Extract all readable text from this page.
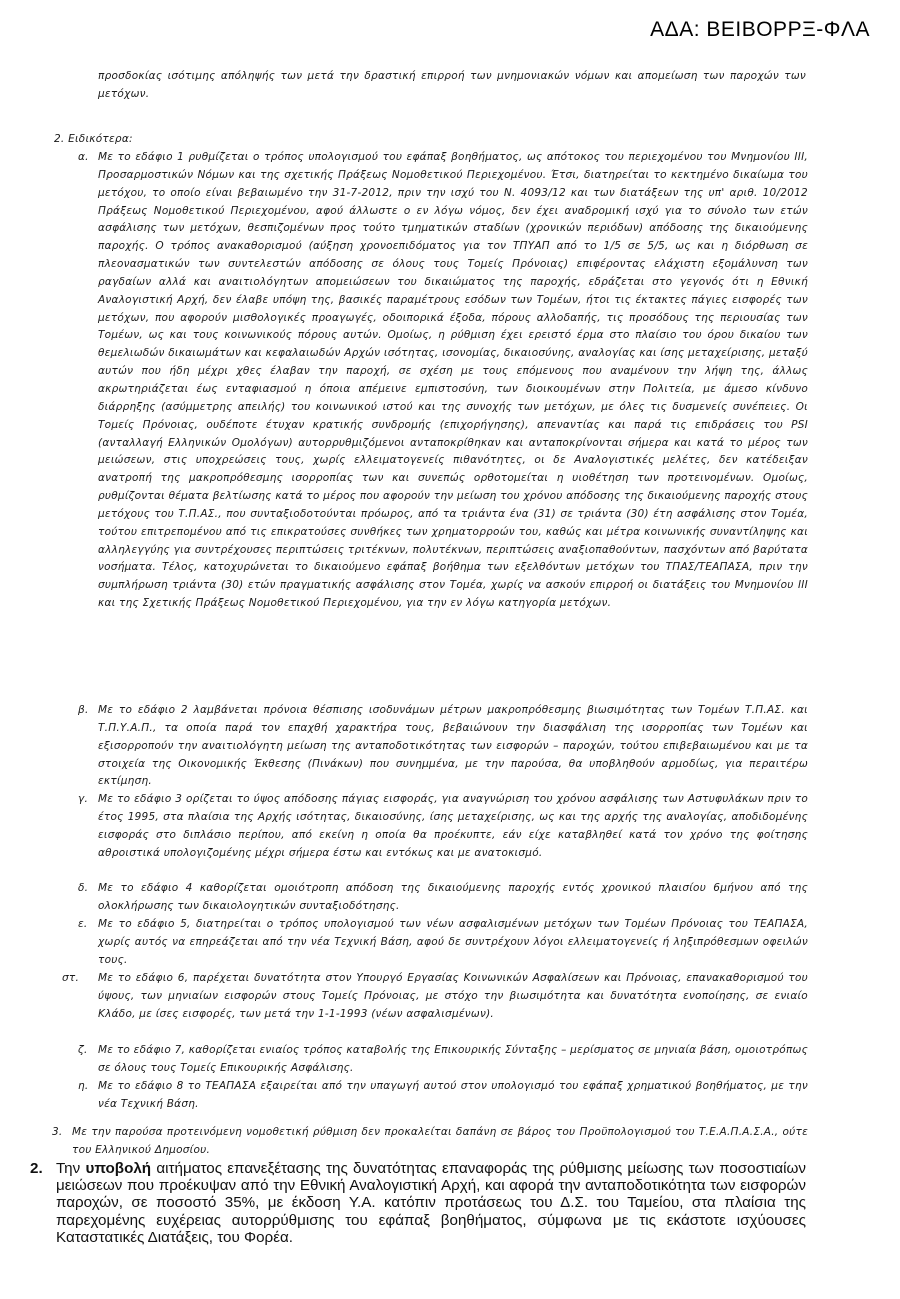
ΑΔΑ: ΒΕΙΒΟΡΡΞ-ΦΛΑ
προσδοκίας ισότιμης απόληψής των μετά την δραστική επιρροή των μνημονιακών νόμων και απομείωση των παροχών των μετόχων.
2. Ειδικότερα:
α. Με το εδάφιο 1 ρυθμίζεται ο τρόπος υπολογισμού του εφάπαξ βοηθήματος, ως απότοκος του περιεχομένου του Μνημονίου ΙΙΙ, Προσαρμοστικών Νόμων και της σχετικής Πράξεως Νομοθετικού Περιεχομένου. Έτσι, διατηρείται το κεκτημένο δικαίωμα του μετόχου, το οποίο είναι βεβαιωμένο την 31-7-2012, πριν την ισχύ του Ν. 4093/12 και των διατάξεων της υπ' αριθ. 10/2012 Πράξεως Νομοθετικού Περιεχομένου, αφού άλλωστε ο εν λόγω νόμος, δεν έχει αναδρομική ισχύ για το σύνολο των ετών ασφάλισης των μετόχων, θεσπιζομένων προς τούτο τμηματικών σταδίων (χρονικών περιόδων) απόδοσης της δικαιούμενης παροχής. Ο τρόπος ανακαθορισμού (αύξηση χρονοεπιδόματος για τον ΤΠΥΑΠ από το 1/5 σε 5/5, ως και η διόρθωση σε πλεονασματικών των συντελεστών απόδοσης σε όλους τους Τομείς Πρόνοιας) επιφέροντας ελάχιστη εξομάλυνση των ραγδαίων αλλά και αναιτιολόγητων απομειώσεων του δικαιώματος της παροχής, εδράζεται στο γεγονός ότι η Εθνική Αναλογιστική Αρχή, δεν έλαβε υπόψη της, βασικές παραμέτρους εσόδων των Τομέων, ήτοι τις έκτακτες πάγιες εισφορές των μετόχων, που αφορούν μισθολογικές προαγωγές, οδοιπορικά έξοδα, πόρους αλλοδαπής, τις προσόδους της περιουσίας των Τομέων, ως και τους κοινωνικούς πόρους αυτών. Ομοίως, η ρύθμιση έχει ερειστό έρμα στο πλαίσιο του όρου δικαίου των θεμελιωδών δικαιωμάτων και κεφαλαιωδών Αρχών ισότητας, ισονομίας, δικαιοσύνης, αναλογίας και ίσης μεταχείρισης, μεταξύ αυτών που ήδη μέχρι χθες έλαβαν την παροχή, σε σχέση με τους επόμενους που αναμένουν την λήψη της, άλλως ακρωτηριάζεται έως ενταφιασμού η όποια απέμεινε εμπιστοσύνη, των διοικουμένων στην Πολιτεία, με άμεσο κίνδυνο διάρρηξης (ασύμμετρης απειλής) του κοινωνικού ιστού και της συνοχής των μετόχων, με όλες τις δυσμενείς συνέπειες. Οι Τομείς Πρόνοιας, ουδέποτε έτυχαν κρατικής συνδρομής (επιχορήγησης), απεναντίας και παρά τις επιδράσεις του PSI (ανταλλαγή Ελληνικών Ομολόγων) αυτορρυθμιζόμενοι ανταποκρίθηκαν και ανταποκρίνονται σήμερα και κατά το μέρος των μειώσεων, στις υποχρεώσεις τους, χωρίς ελλειματογενείς πιθανότητες, οι δε Αναλογιστικές μελέτες, δεν κατέδειξαν ανατροπή της μακροπρόθεσμης ισορροπίας των και συνεπώς ορθοτομείται η υιοθέτηση των προτεινομένων. Ομοίως, ρυθμίζονται θέματα βελτίωσης κατά το μέρος που αφορούν την μείωση του χρόνου απόδοσης της δικαιούμενης παροχής στους μετόχους του Τ.Π.ΑΣ., που συνταξιοδοτούνται πρόωρος, από τα τριάντα ένα (31) σε τριάντα (30) έτη ασφάλισης στον Τομέα, τούτου επιτρεπομένου από τις επικρατούσες συνθήκες των χρηματορροών του, καθώς και μέτρα κοινωνικής συναντίληψης και αλληλεγγύης για συντρέχουσες περιπτώσεις τριτέκνων, πολυτέκνων, περιπτώσεις αναξιοπαθούντων, πασχόντων από βαρύτατα νοσήματα. Τέλος, κατοχυρώνεται το δικαιούμενο εφάπαξ βοήθημα των εξελθόντων μετόχων του ΤΠΑΣ/ΤΕΑΠΑΣΑ, πριν την συμπλήρωση τριάντα (30) ετών πραγματικής ασφάλισης στον Τομέα, χωρίς να ασκούν επιρροή οι διατάξεις του Μνημονίου ΙΙΙ και της Σχετικής Πράξεως Νομοθετικού Περιεχομένου, για την εν λόγω κατηγορία μετόχων.
β. Με το εδάφιο 2 λαμβάνεται πρόνοια θέσπισης ισοδυνάμων μέτρων μακροπρόθεσμης βιωσιμότητας των Τομέων Τ.Π.ΑΣ. και Τ.Π.Υ.Α.Π., τα οποία παρά τον επαχθή χαρακτήρα τους, βεβαιώνουν την διασφάλιση της ισορροπίας των Τομέων και εξισορροπούν την αναιτιολόγητη μείωση της ανταποδοτικότητας των εισφορών – παροχών, τούτου επιβεβαιωμένου και με τα στοιχεία της Οικονομικής Έκθεσης (Πινάκων) που συνημμένα, με την παρούσα, θα υποβληθούν αρμοδίως, για περαιτέρω εκτίμηση.
γ. Με το εδάφιο 3 ορίζεται το ύψος απόδοσης πάγιας εισφοράς, για αναγνώριση του χρόνου ασφάλισης των Αστυφυλάκων πριν το έτος 1995, στα πλαίσια της Αρχής ισότητας, δικαιοσύνης, ίσης μεταχείρισης, ως και της αρχής της αναλογίας, αποδιδομένης εισφοράς στο διπλάσιο περίπου, από εκείνη η οποία θα προέκυπτε, εάν είχε καταβληθεί κατά τον χρόνο της φοίτησης αθροιστικά υπολογιζομένης μέχρι σήμερα έστω και εντόκως και με ανατοκισμό.
δ. Με το εδάφιο 4 καθορίζεται ομοιότροπη απόδοση της δικαιούμενης παροχής εντός χρονικού πλαισίου 6μήνου από της ολοκλήρωσης των δικαιολογητικών συνταξιοδότησης.
ε. Με το εδάφιο 5, διατηρείται ο τρόπος υπολογισμού των νέων ασφαλισμένων μετόχων των Τομέων Πρόνοιας του ΤΕΑΠΑΣΑ, χωρίς αυτός να επηρεάζεται από την νέα Τεχνική Βάση, αφού δε συντρέχουν λόγοι ελλειματογενείς ή ληξιπρόθεσμων οφειλών τους.
στ.	Με το εδάφιο 6, παρέχεται δυνατότητα στον Υπουργό Εργασίας Κοινωνικών Ασφαλίσεων και Πρόνοιας, επανακαθορισμού του ύψους, των μηνιαίων εισφορών στους Τομείς Πρόνοιας, με στόχο την βιωσιμότητα και δυνατότητα ενοποίησης, σε ενιαίο Κλάδο, με ίσες εισφορές, των μετά την 1-1-1993 (νέων ασφαλισμένων).
ζ. Με το εδάφιο 7, καθορίζεται ενιαίος τρόπος καταβολής της Επικουρικής Σύνταξης – μερίσματος σε μηνιαία βάση, ομοιοτρόπως σε όλους τους Τομείς Επικουρικής Ασφάλισης.
η. Με το εδάφιο 8 το ΤΕΑΠΑΣΑ εξαιρείται από την υπαγωγή αυτού στον υπολογισμό του εφάπαξ χρηματικού βοηθήματος, με την νέα Τεχνική Βάση.
3. Με την παρούσα προτεινόμενη νομοθετική ρύθμιση δεν προκαλείται δαπάνη σε βάρος του Προϋπολογισμού του Τ.Ε.Α.Π.Α.Σ.Α., ούτε του Ελληνικού Δημοσίου.
2. Την υποβολή αιτήματος επανεξέτασης της δυνατότητας επαναφοράς της ρύθμισης μείωσης των ποσοστιαίων μειώσεων που προέκυψαν από την Εθνική Αναλογιστική Αρχή, και αφορά την ανταποδοτικότητα των εισφορών παροχών, σε ποσοστό 35%, με έκδοση Υ.Α. κατόπιν προτάσεως του Δ.Σ. του Ταμείου, στα πλαίσια της παρεχομένης ευχέρειας αυτορρύθμισης του εφάπαξ βοηθήματος, σύμφωνα με τις εκάστοτε ισχύουσες Καταστατικές Διατάξεις, του Φορέα.
